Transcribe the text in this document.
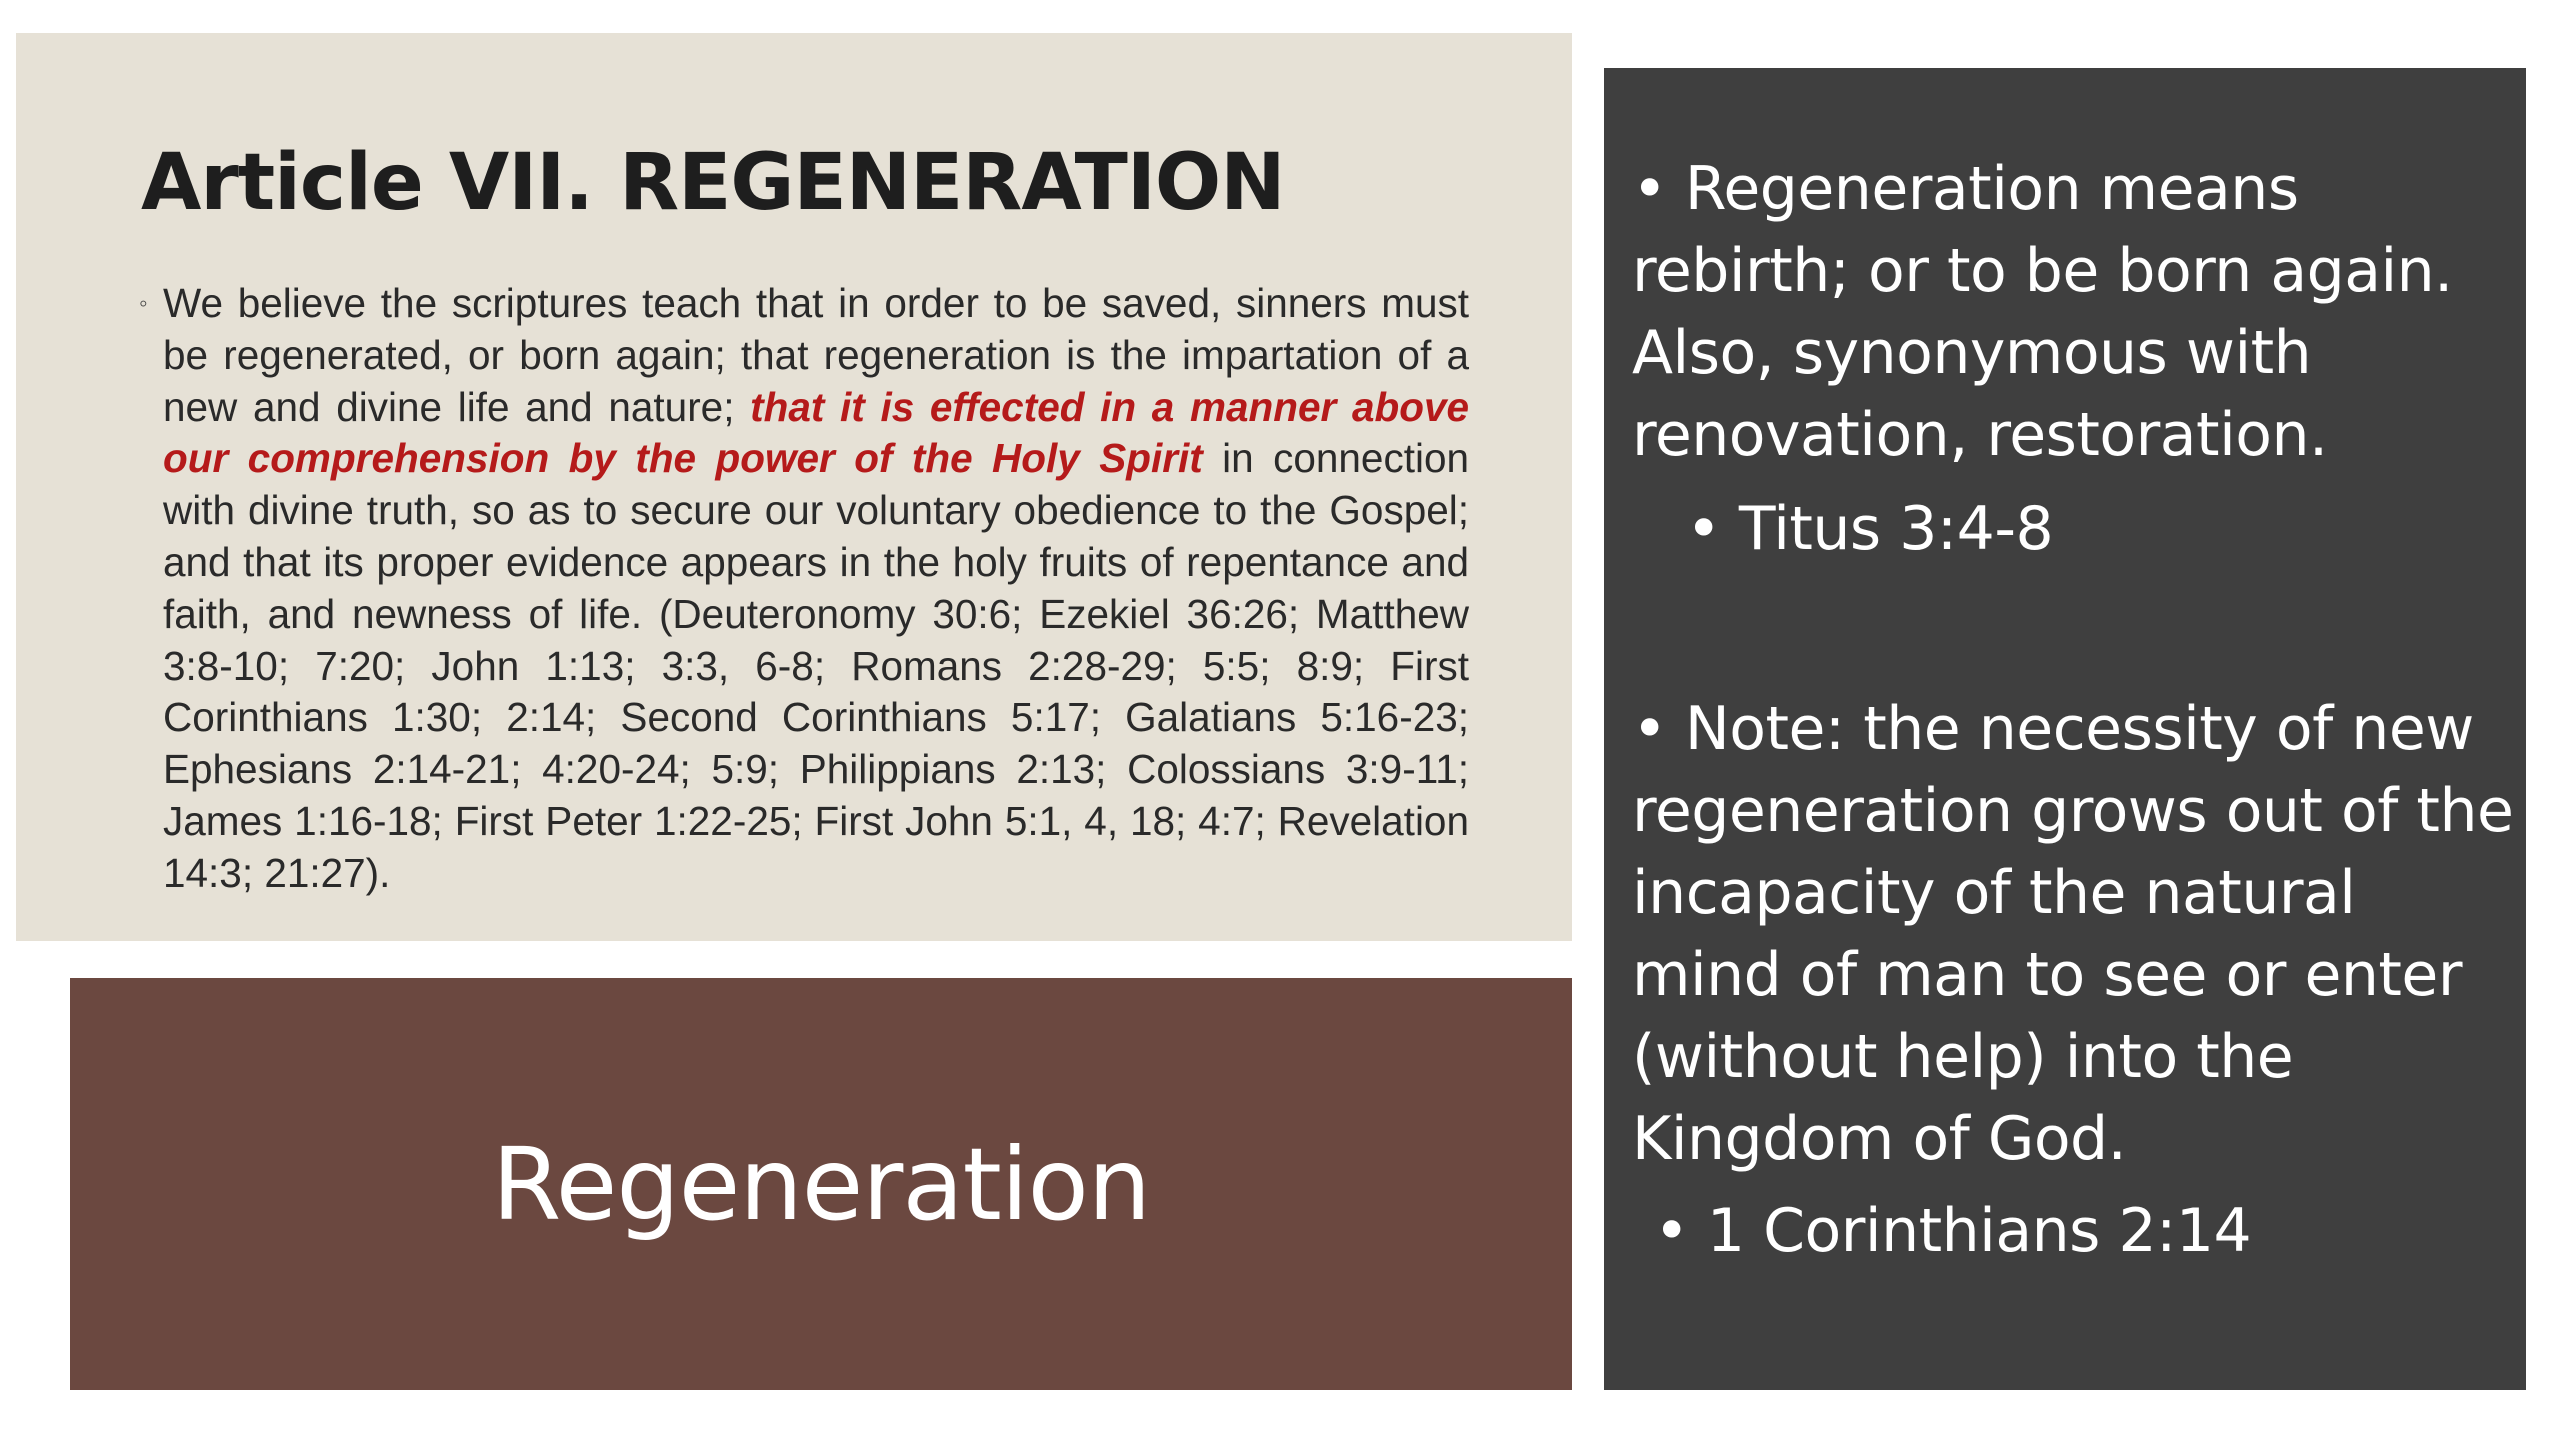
Article VII. REGENERATION
◦ We believe the scriptures teach that in order to be saved, sinners must be regenerated, or born again; that regeneration is the impartation of a new and divine life and nature; that it is effected in a manner above our comprehension by the power of the Holy Spirit in connection with divine truth, so as to secure our voluntary obedience to the Gospel; and that its proper evidence appears in the holy fruits of repentance and faith, and newness of life. (Deuteronomy 30:6; Ezekiel 36:26; Matthew 3:8-10; 7:20; John 1:13; 3:3, 6-8; Romans 2:28-29; 5:5; 8:9; First Corinthians 1:30; 2:14; Second Corinthians 5:17; Galatians 5:16-23; Ephesians 2:14-21; 4:20-24; 5:9; Philippians 2:13; Colossians 3:9-11; James 1:16-18; First Peter 1:22-25; First John 5:1, 4, 18; 4:7; Revelation 14:3; 21:27).
Regeneration
• Regeneration means rebirth; or to be born again. Also, synonymous with renovation, restoration.
• Titus 3:4-8
• Note: the necessity of new regeneration grows out of the incapacity of the natural mind of man to see or enter (without help) into the Kingdom of God.
• 1 Corinthians 2:14
